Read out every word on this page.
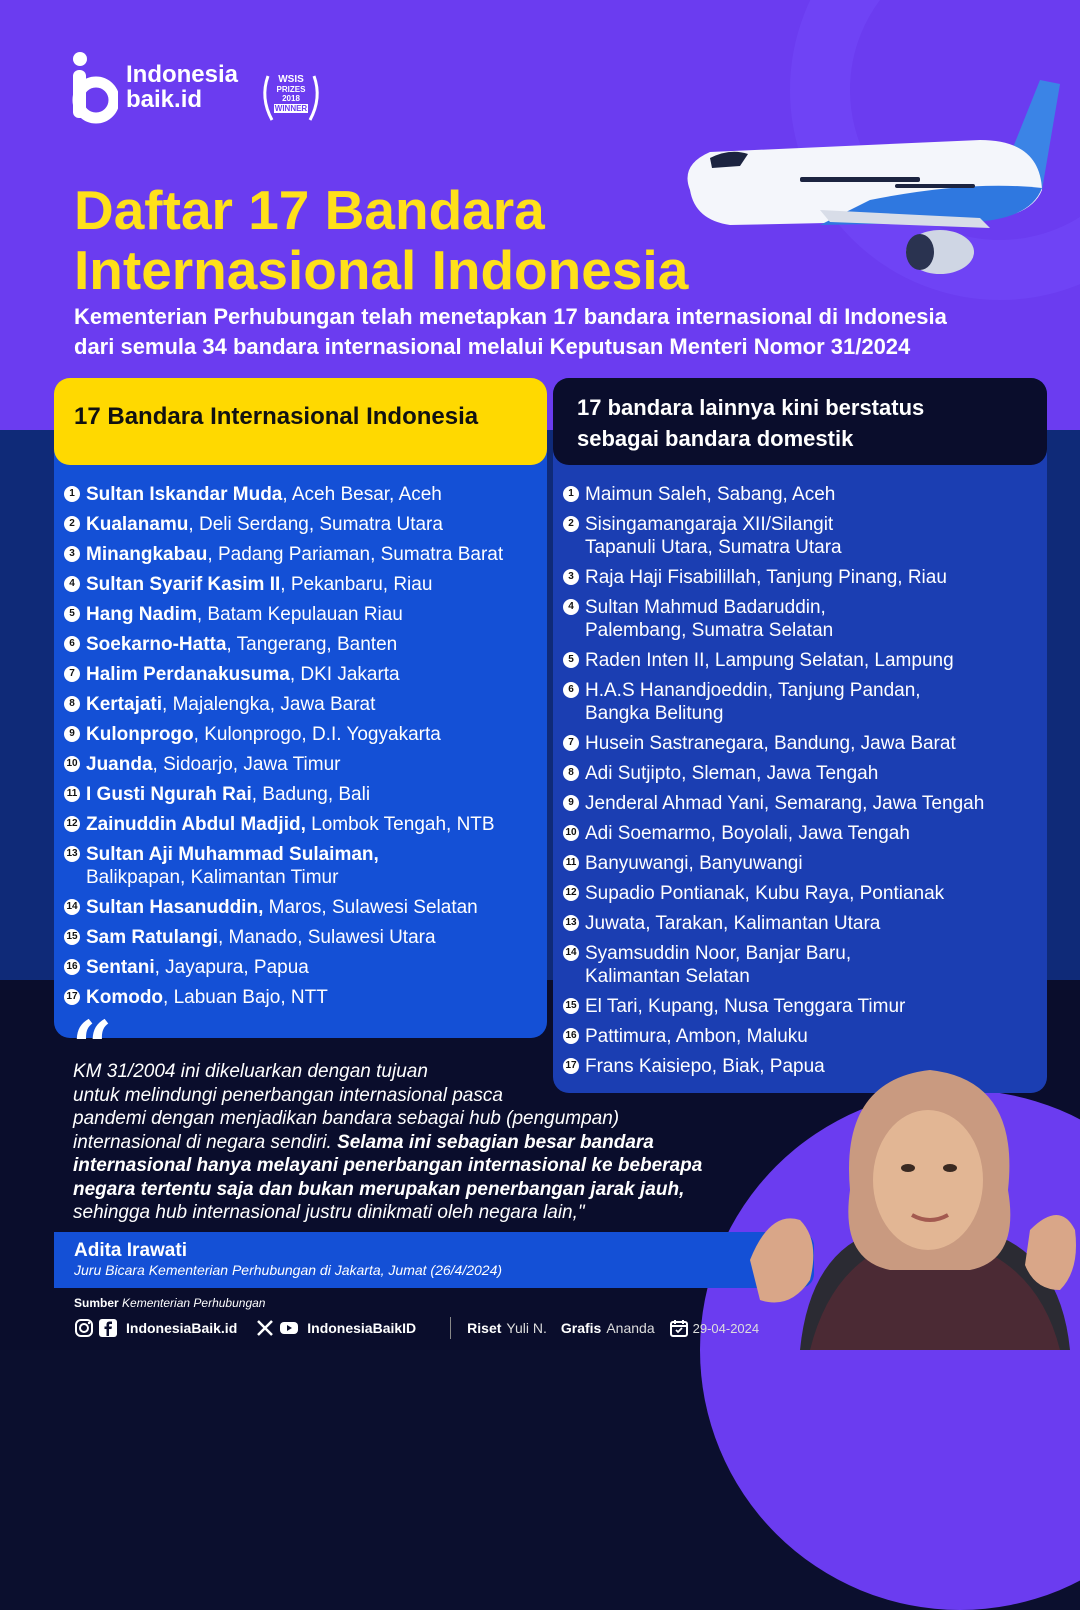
Indonesia
baik.id
WSIS
PRIZES
2018
WINNER
Daftar 17 Bandara
Internasional Indonesia

Kementerian Perhubungan telah menetapkan 17 bandara internasional di Indonesia
dari semula 34 bandara internasional melalui Keputusan Menteri Nomor 31/2024

17 Bandara Internasional Indonesia
1 Sultan Iskandar Muda, Aceh Besar, Aceh
2 Kualanamu, Deli Serdang, Sumatra Utara
3 Minangkabau, Padang Pariaman, Sumatra Barat
4 Sultan Syarif Kasim II, Pekanbaru, Riau
5 Hang Nadim, Batam Kepulauan Riau
6 Soekarno-Hatta, Tangerang, Banten
7 Halim Perdanakusuma, DKI Jakarta
8 Kertajati, Majalengka, Jawa Barat
9 Kulonprogo, Kulonprogo, D.I. Yogyakarta
10 Juanda, Sidoarjo, Jawa Timur
11 I Gusti Ngurah Rai, Badung, Bali
12 Zainuddin Abdul Madjid, Lombok Tengah, NTB
13 Sultan Aji Muhammad Sulaiman,
Balikpapan, Kalimantan Timur
14 Sultan Hasanuddin, Maros, Sulawesi Selatan
15 Sam Ratulangi, Manado, Sulawesi Utara
16 Sentani, Jayapura, Papua
17 Komodo, Labuan Bajo, NTT
17 bandara lainnya kini berstatus
sebagai bandara domestik
1 Maimun Saleh, Sabang, Aceh
2 Sisingamangaraja XII/Silangit
Tapanuli Utara, Sumatra Utara
3 Raja Haji Fisabilillah, Tanjung Pinang, Riau
4 Sultan Mahmud Badaruddin,
Palembang, Sumatra Selatan
5 Raden Inten II, Lampung Selatan, Lampung
6 H.A.S Hanandjoeddin, Tanjung Pandan,
Bangka Belitung
7 Husein Sastranegara, Bandung, Jawa Barat
8 Adi Sutjipto, Sleman, Jawa Tengah
9 Jenderal Ahmad Yani, Semarang, Jawa Tengah
10 Adi Soemarmo, Boyolali, Jawa Tengah
11 Banyuwangi, Banyuwangi
12 Supadio Pontianak, Kubu Raya, Pontianak
13 Juwata, Tarakan, Kalimantan Utara
14 Syamsuddin Noor, Banjar Baru,
Kalimantan Selatan
15 El Tari, Kupang, Nusa Tenggara Timur
16 Pattimura, Ambon, Maluku
17 Frans Kaisiepo, Biak, Papua
“

KM 31/2004 ini dikeluarkan dengan tujuan
untuk melindungi penerbangan internasional pasca
pandemi dengan menjadikan bandara sebagai hub (pengumpan)
internasional di negara sendiri. Selama ini sebagian besar bandara
internasional hanya melayani penerbangan internasional ke beberapa
negara tertentu saja dan bukan merupakan penerbangan jarak jauh,
sehingga hub internasional justru dinikmati oleh negara lain,"

Adita Irawati
Juru Bicara Kementerian Perhubungan di Jakarta, Jumat (26/4/2024)
Sumber Kementerian Perhubungan
IndonesiaBaik.id	IndonesiaBaikID	Riset Yuli N. Grafis Ananda	29-04-2024
